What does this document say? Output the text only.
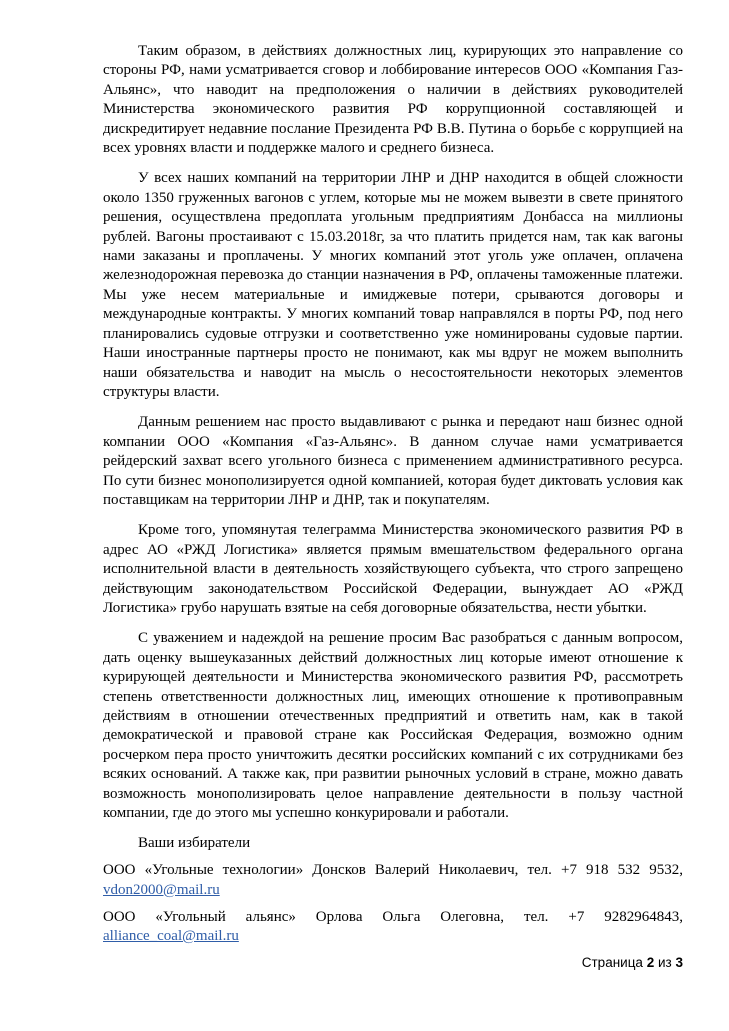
Таким образом, в действиях должностных лиц, курирующих это направление со стороны РФ, нами усматривается сговор и лоббирование интересов ООО «Компания Газ-Альянс», что наводит на предположения о наличии в действиях руководителей Министерства экономического развития РФ коррупционной составляющей и дискредитирует недавние послание Президента РФ В.В. Путина о борьбе с коррупцией на всех уровнях власти и поддержке малого и среднего бизнеса.

У всех наших компаний на территории ЛНР и ДНР находится в общей сложности около 1350 груженных вагонов с углем, которые мы не можем вывезти в свете принятого решения, осуществлена предоплата угольным предприятиям Донбасса на миллионы рублей. Вагоны простаивают с 15.03.2018г, за что платить придется нам, так как вагоны нами заказаны и проплачены. У многих компаний этот уголь уже оплачен, оплачена железнодорожная перевозка до станции назначения в РФ, оплачены таможенные платежи. Мы уже несем материальные и имиджевые потери, срываются договоры и международные контракты. У многих компаний товар направлялся в порты РФ, под него планировались судовые отгрузки и соответственно уже номинированы судовые партии. Наши иностранные партнеры просто не понимают, как мы вдруг не можем выполнить наши обязательства и наводит на мысль о несостоятельности некоторых элементов структуры власти.

Данным решением нас просто выдавливают с рынка и передают наш бизнес одной компании ООО «Компания «Газ-Альянс». В данном случае нами усматривается рейдерский захват всего угольного бизнеса с применением административного ресурса. По сути бизнес монополизируется одной компанией, которая будет диктовать условия как поставщикам на территории ЛНР и ДНР, так и покупателям.

Кроме того, упомянутая телеграмма Министерства экономического развития РФ в адрес АО «РЖД Логистика» является прямым вмешательством федерального органа исполнительной власти в деятельность хозяйствующего субъекта, что строго запрещено действующим законодательством Российской Федерации, вынуждает АО «РЖД Логистика» грубо нарушать взятые на себя договорные обязательства, нести убытки.

С уважением и надеждой на решение просим Вас разобраться с данным вопросом, дать оценку вышеуказанных действий должностных лиц которые имеют отношение к курирующей деятельности и Министерства экономического развития РФ, рассмотреть степень ответственности должностных лиц, имеющих отношение к противоправным действиям в отношении отечественных предприятий и ответить нам, как в такой демократической и правовой стране как Российская Федерация, возможно одним росчерком пера просто уничтожить десятки российских компаний с их сотрудниками без всяких оснований. А также как, при развитии рыночных условий в стране, можно давать возможность монополизировать целое направление деятельности в пользу частной компании, где до этого мы успешно конкурировали и работали.

Ваши избиратели

ООО «Угольные технологии» Донсков Валерий Николаевич, тел. +7 918 532 9532, vdon2000@mail.ru

ООО «Угольный альянс» Орлова Ольга Олеговна, тел. +7 9282964843, alliance_coal@mail.ru

Страница 2 из 3
